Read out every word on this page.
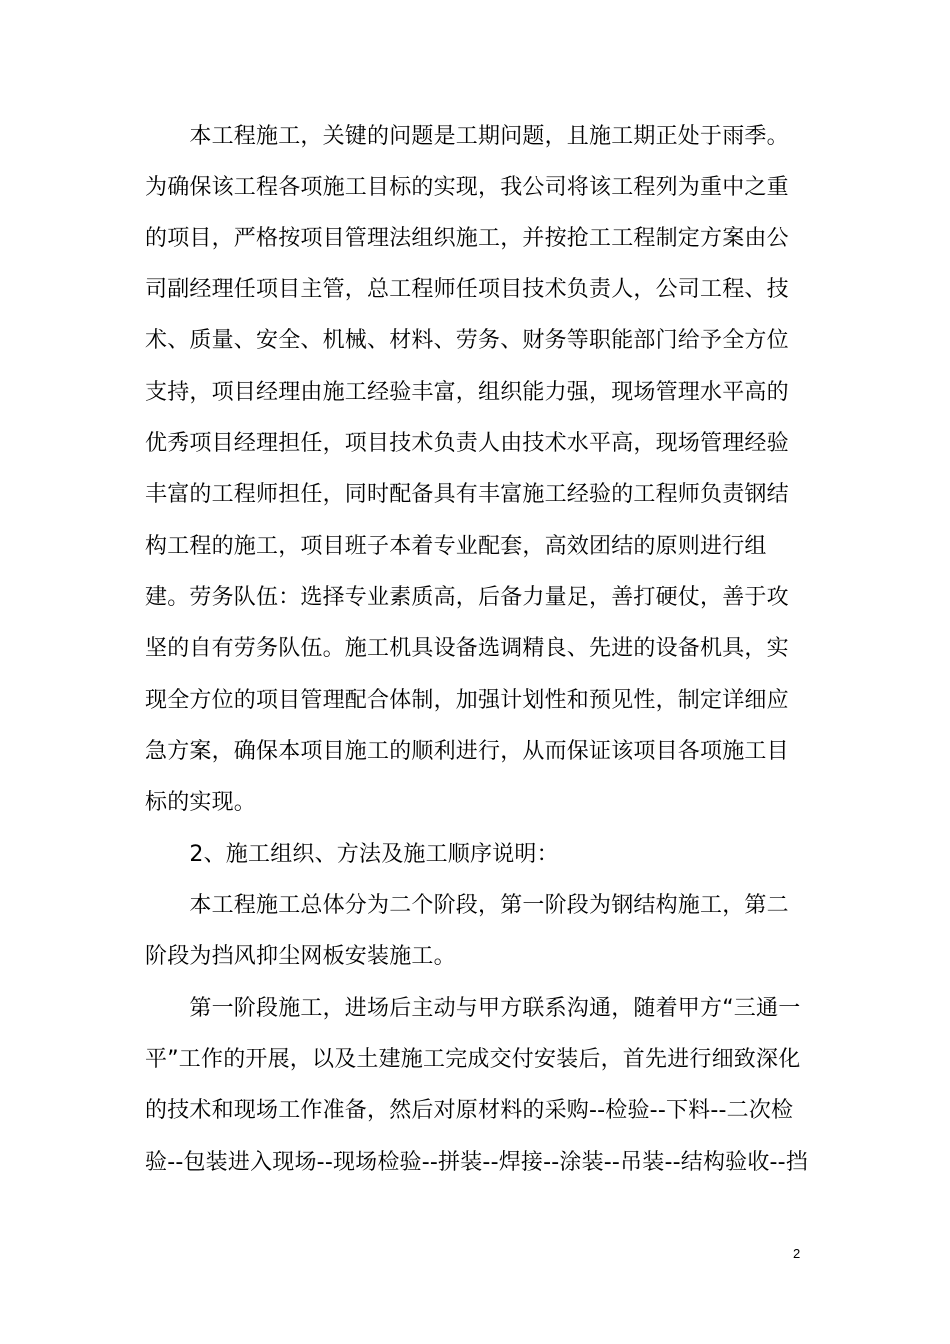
　　本工程施工，关键的问题是工期问题，且施工期正处于雨季。
为确保该工程各项施工目标的实现，我公司将该工程列为重中之重
的项目，严格按项目管理法组织施工，并按抢工工程制定方案由公
司副经理任项目主管，总工程师任项目技术负责人，公司工程、技
术、质量、安全、机械、材料、劳务、财务等职能部门给予全方位
支持，项目经理由施工经验丰富，组织能力强，现场管理水平高的
优秀项目经理担任，项目技术负责人由技术水平高，现场管理经验
丰富的工程师担任，同时配备具有丰富施工经验的工程师负责钢结
构工程的施工，项目班子本着专业配套，高效团结的原则进行组
建。劳务队伍：选择专业素质高，后备力量足，善打硬仗，善于攻
坚的自有劳务队伍。施工机具设备选调精良、先进的设备机具，实
现全方位的项目管理配合体制，加强计划性和预见性，制定详细应
急方案，确保本项目施工的顺利进行，从而保证该项目各项施工目
标的实现。
　　2、施工组织、方法及施工顺序说明：
　　本工程施工总体分为二个阶段，第一阶段为钢结构施工，第二
阶段为挡风抑尘网板安装施工。
　　第一阶段施工，进场后主动与甲方联系沟通，随着甲方“三通一
平”工作的开展，以及土建施工完成交付安装后，首先进行细致深化
的技术和现场工作准备，然后对原材料的采购--检验--下料--二次检
验--包装进入现场--现场检验--拼装--焊接--涂装--吊装--结构验收--挡
2
